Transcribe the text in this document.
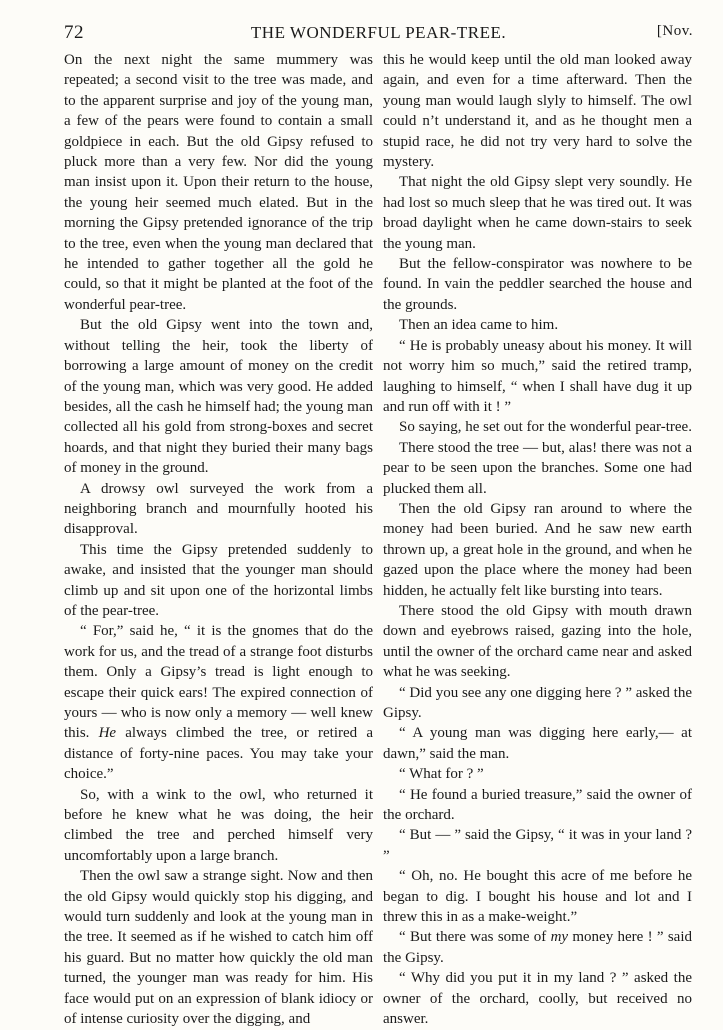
72	THE WONDERFUL PEAR-TREE.	[Nov.

On the next night the same mummery was repeated; a second visit to the tree was made, and to the apparent surprise and joy of the young man, a few of the pears were found to contain a small goldpiece in each. But the old Gipsy refused to pluck more than a very few. Nor did the young man insist upon it. Upon their return to the house, the young heir seemed much elated. But in the morning the Gipsy pretended ignorance of the trip to the tree, even when the young man declared that he intended to gather together all the gold he could, so that it might be planted at the foot of the wonderful pear-tree.

But the old Gipsy went into the town and, without telling the heir, took the liberty of borrowing a large amount of money on the credit of the young man, which was very good. He added besides, all the cash he himself had; the young man collected all his gold from strong-boxes and secret hoards, and that night they buried their many bags of money in the ground.

A drowsy owl surveyed the work from a neighboring branch and mournfully hooted his disapproval.

This time the Gipsy pretended suddenly to awake, and insisted that the younger man should climb up and sit upon one of the horizontal limbs of the pear-tree.

“ For,” said he, “ it is the gnomes that do the work for us, and the tread of a strange foot disturbs them. Only a Gipsy’s tread is light enough to escape their quick ears! The expired connection of yours — who is now only a memory — well knew this. He always climbed the tree, or retired a distance of forty-nine paces. You may take your choice.”

So, with a wink to the owl, who returned it before he knew what he was doing, the heir climbed the tree and perched himself very uncomfortably upon a large branch.

Then the owl saw a strange sight. Now and then the old Gipsy would quickly stop his digging, and would turn suddenly and look at the young man in the tree. It seemed as if he wished to catch him off his guard. But no matter how quickly the old man turned, the younger man was ready for him. His face would put on an expression of blank idiocy or of intense curiosity over the digging, and

this he would keep until the old man looked away again, and even for a time afterward. Then the young man would laugh slyly to himself. The owl could n’t understand it, and as he thought men a stupid race, he did not try very hard to solve the mystery.

That night the old Gipsy slept very soundly. He had lost so much sleep that he was tired out. It was broad daylight when he came down-stairs to seek the young man.

But the fellow-conspirator was nowhere to be found. In vain the peddler searched the house and the grounds.

Then an idea came to him.

“ He is probably uneasy about his money. It will not worry him so much,” said the retired tramp, laughing to himself, “ when I shall have dug it up and run off with it ! ”

So saying, he set out for the wonderful pear-tree.

There stood the tree — but, alas! there was not a pear to be seen upon the branches. Some one had plucked them all.

Then the old Gipsy ran around to where the money had been buried. And he saw new earth thrown up, a great hole in the ground, and when he gazed upon the place where the money had been hidden, he actually felt like bursting into tears.

There stood the old Gipsy with mouth drawn down and eyebrows raised, gazing into the hole, until the owner of the orchard came near and asked what he was seeking.

“ Did you see any one digging here ? ” asked the Gipsy.

“ A young man was digging here early,— at dawn,” said the man.

“ What for ? ”

“ He found a buried treasure,” said the owner of the orchard.

“ But — ” said the Gipsy, “ it was in your land ? ”

“ Oh, no. He bought this acre of me before he began to dig. I bought his house and lot and I threw this in as a make-weight.”

“ But there was some of my money here ! ” said the Gipsy.

“ Why did you put it in my land ? ” asked the owner of the orchard, coolly, but received no answer.
